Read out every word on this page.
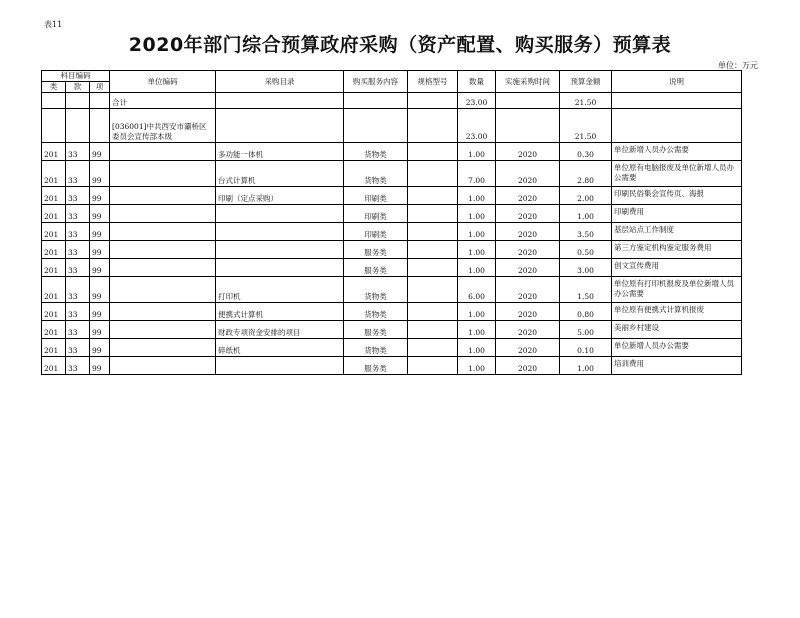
表11
2020年部门综合预算政府采购（资产配置、购买服务）预算表
单位：万元
科目编码			单位编码	采购目录	购买服务内容	规格型号	数量	实施采购时间	预算金额	说明
类	款	项								
			合计				23.00		21.50	
			[036001]中共西安市灞桥区委员会宣传部本级				23.00		21.50	
201	33	99		多功能一体机	货物类		1.00	2020	0.30	单位新增人员办公需要
201	33	99		台式计算机	货物类		7.00	2020	2.80	单位原有电脑报废及单位新增人员办公需要
201	33	99		印刷（定点采购）	印刷类		1.00	2020	2.00	印刷民俗集会宣传页、海报
201	33	99			印刷类		1.00	2020	1.00	印刷费用
201	33	99			印刷类		1.00	2020	3.50	基层站点工作制度
201	33	99			服务类		1.00	2020	0.50	第三方鉴定机构鉴定服务费用
201	33	99			服务类		1.00	2020	3.00	创文宣传费用
201	33	99		打印机	货物类		6.00	2020	1.50	单位原有打印机报废及单位新增人员办公需要
201	33	99		便携式计算机	货物类		1.00	2020	0.80	单位原有便携式计算机报废
201	33	99		财政专项资金安排的项目	服务类		1.00	2020	5.00	美丽乡村建设
201	33	99		碎纸机	货物类		1.00	2020	0.10	单位新增人员办公需要
201	33	99			服务类		1.00	2020	1.00	培训费用
